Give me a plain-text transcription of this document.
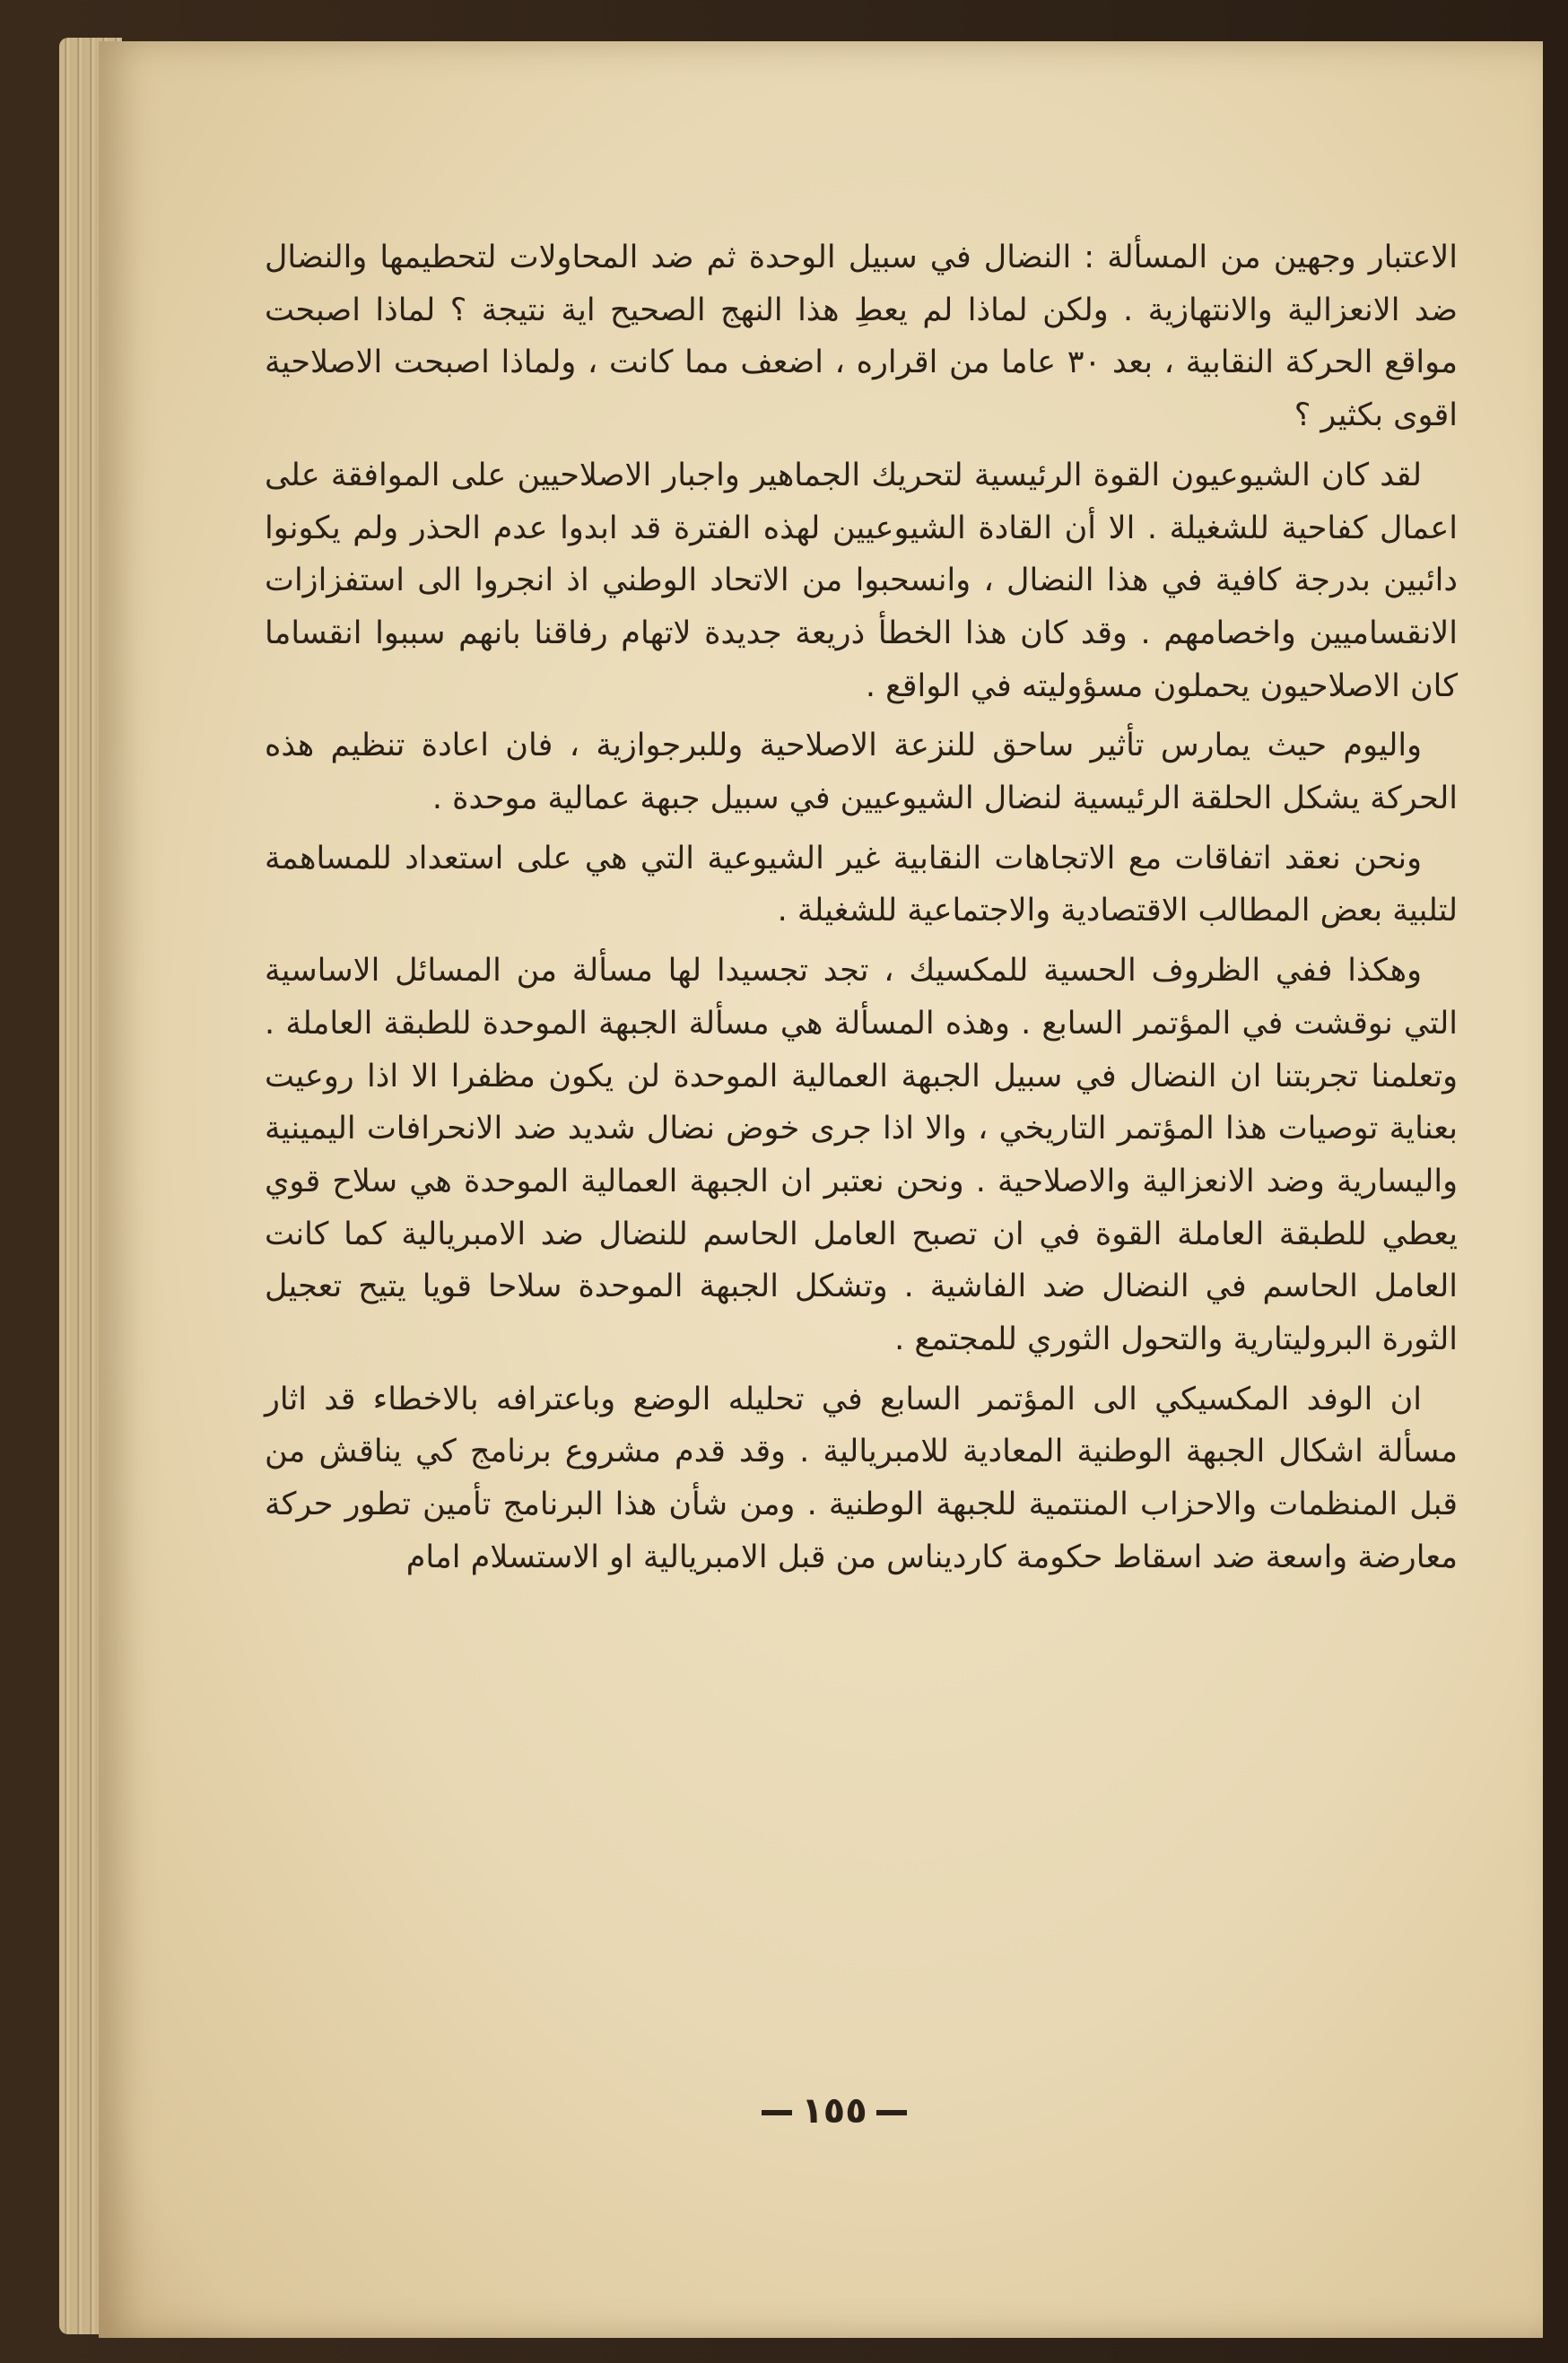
الاعتبار وجهين من المسألة : النضال في سبيل الوحدة ثم ضد المحاولات لتحطيمها والنضال ضد الانعزالية والانتهازية . ولكن لماذا لم يعطِ هذا النهج الصحيح اية نتيجة ؟ لماذا اصبحت مواقع الحركة النقابية ، بعد ٣٠ عاما من اقراره ، اضعف مما كانت ، ولماذا اصبحت الاصلاحية اقوى بكثير ؟

لقد كان الشيوعيون القوة الرئيسية لتحريك الجماهير واجبار الاصلاحيين على الموافقة على اعمال كفاحية للشغيلة . الا أن القادة الشيوعيين لهذه الفترة قد ابدوا عدم الحذر ولم يكونوا دائبين بدرجة كافية في هذا النضال ، وانسحبوا من الاتحاد الوطني اذ انجروا الى استفزازات الانقساميين واخصامهم . وقد كان هذا الخطأ ذريعة جديدة لاتهام رفاقنا بانهم سببوا انقساما كان الاصلاحيون يحملون مسؤوليته في الواقع .

واليوم حيث يمارس تأثير ساحق للنزعة الاصلاحية وللبرجوازية ، فان اعادة تنظيم هذه الحركة يشكل الحلقة الرئيسية لنضال الشيوعيين في سبيل جبهة عمالية موحدة .

ونحن نعقد اتفاقات مع الاتجاهات النقابية غير الشيوعية التي هي على استعداد للمساهمة لتلبية بعض المطالب الاقتصادية والاجتماعية للشغيلة .

وهكذا ففي الظروف الحسية للمكسيك ، تجد تجسيدا لها مسألة من المسائل الاساسية التي نوقشت في المؤتمر السابع . وهذه المسألة هي مسألة الجبهة الموحدة للطبقة العاملة . وتعلمنا تجربتنا ان النضال في سبيل الجبهة العمالية الموحدة لن يكون مظفرا الا اذا روعيت بعناية توصيات هذا المؤتمر التاريخي ، والا اذا جرى خوض نضال شديد ضد الانحرافات اليمينية واليسارية وضد الانعزالية والاصلاحية . ونحن نعتبر ان الجبهة العمالية الموحدة هي سلاح قوي يعطي للطبقة العاملة القوة في ان تصبح العامل الحاسم للنضال ضد الامبريالية كما كانت العامل الحاسم في النضال ضد الفاشية . وتشكل الجبهة الموحدة سلاحا قويا يتيح تعجيل الثورة البروليتارية والتحول الثوري للمجتمع .

ان الوفد المكسيكي الى المؤتمر السابع في تحليله الوضع وباعترافه بالاخطاء قد اثار مسألة اشكال الجبهة الوطنية المعادية للامبريالية . وقد قدم مشروع برنامج كي يناقش من قبل المنظمات والاحزاب المنتمية للجبهة الوطنية . ومن شأن هذا البرنامج تأمين تطور حركة معارضة واسعة ضد اسقاط حكومة كارديناس من قبل الامبريالية او الاستسلام امام

١٥٥
